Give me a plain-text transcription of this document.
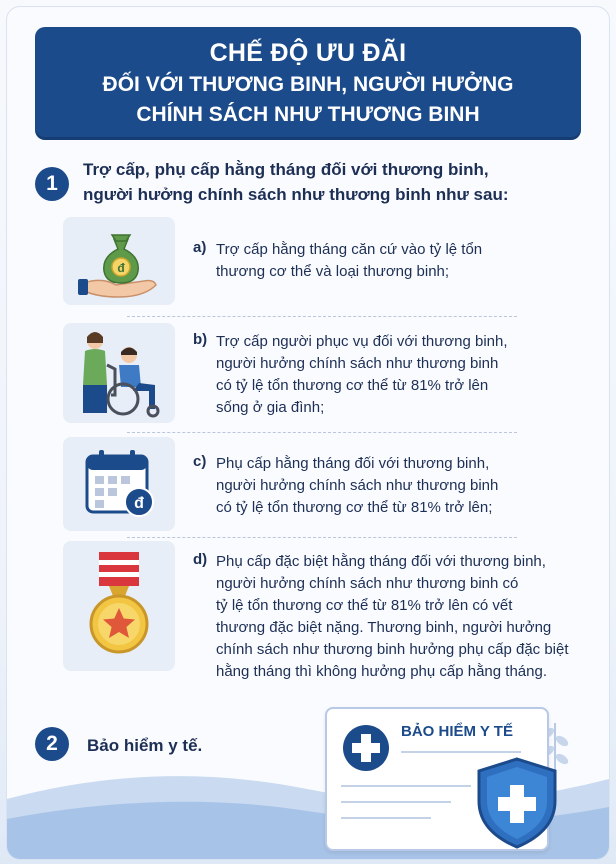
CHẾ ĐỘ ƯU ĐÃI
ĐỐI VỚI THƯƠNG BINH, NGƯỜI HƯỞNG
CHÍNH SÁCH NHƯ THƯƠNG BINH
1
Trợ cấp, phụ cấp hằng tháng đối với thương binh,
người hưởng chính sách như thương binh như sau:
đ
a) Trợ cấp hằng tháng căn cứ vào tỷ lệ tổn
thương cơ thể và loại thương binh;
b) Trợ cấp người phục vụ đối với thương binh,
người hưởng chính sách như thương binh
có tỷ lệ tổn thương cơ thể từ 81% trở lên
sống ở gia đình;
đ
c) Phụ cấp hằng tháng đối với thương binh,
người hưởng chính sách như thương binh
có tỷ lệ tổn thương cơ thể từ 81% trở lên;
d) Phụ cấp đặc biệt hằng tháng đối với thương binh,
người hưởng chính sách như thương binh có
tỷ lệ tổn thương cơ thể từ 81% trở lên có vết
thương đặc biệt nặng. Thương binh, người hưởng
chính sách như thương binh hưởng phụ cấp đặc biệt
hằng tháng thì không hưởng phụ cấp hằng tháng.
2	Bảo hiểm y tế.
BẢO HIỂM Y TẾ
